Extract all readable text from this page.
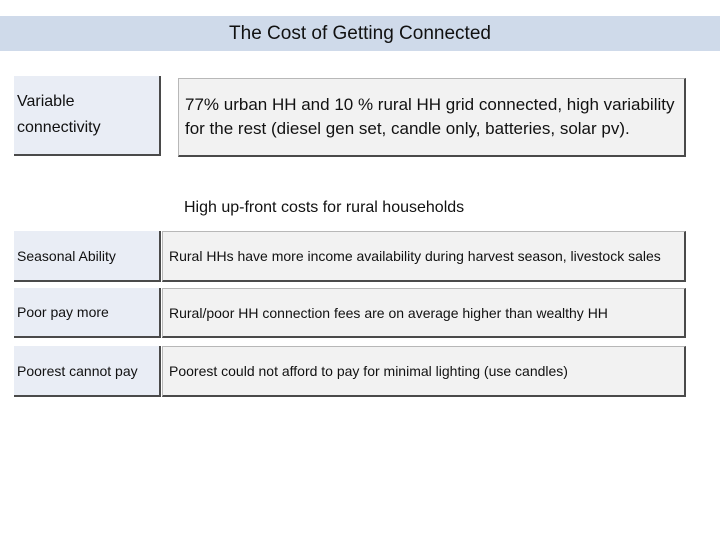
The Cost of Getting Connected
Variable connectivity
77% urban HH and 10 % rural HH grid connected, high variability for the rest (diesel gen set, candle only, batteries, solar pv).
High up-front costs for rural households
Seasonal Ability	Rural HHs have more income availability during harvest season, livestock sales
Poor pay more	Rural/poor HH connection fees are on average higher than wealthy HH
Poorest cannot pay Poorest could not afford to pay for minimal lighting (use candles)
